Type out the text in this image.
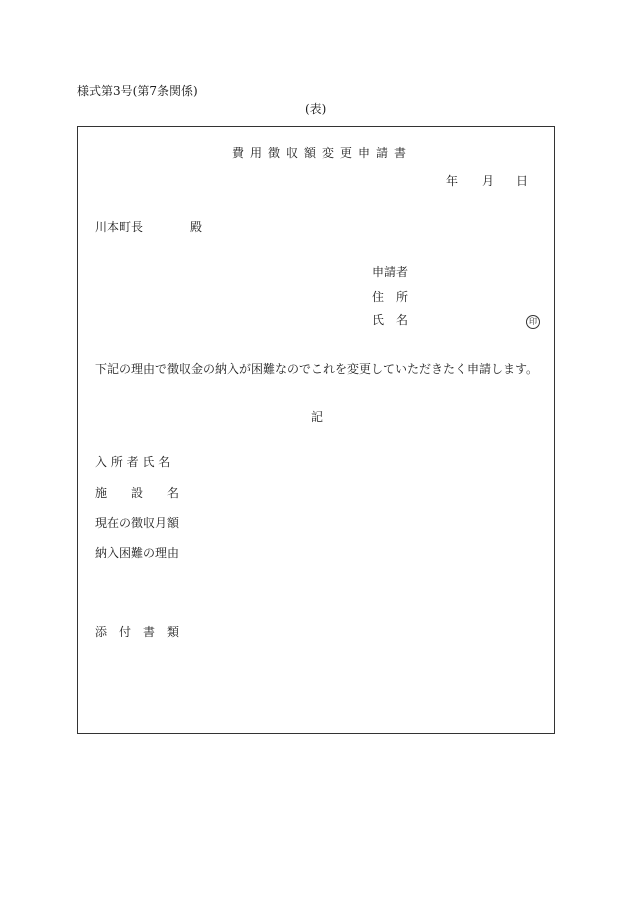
様式第3号(第7条関係)
(表)
費用徴収額変更申請書
年 月 日
川本町長	殿
申請者
住　所
氏　名	印
下記の理由で徴収金の納入が困難なのでこれを変更していただきたく申請します。
記
入 所 者 氏 名
施　　設　　名
現在の徴収月額
納入困難の理由
添　付　書　類
